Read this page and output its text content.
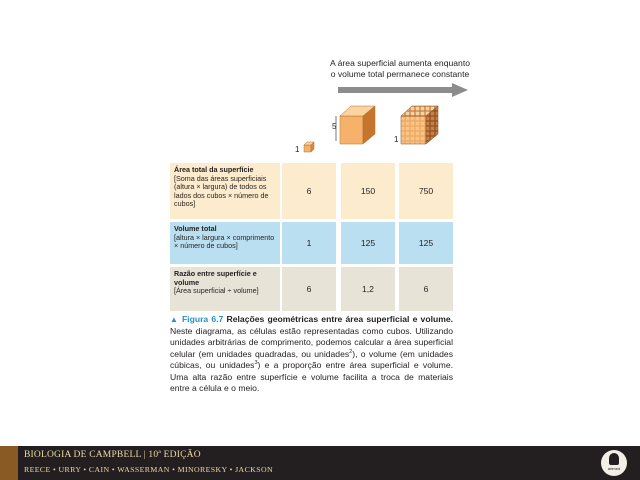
A área superficial aumenta enquanto
o volume total permanece constante
1
5
1
Área total da superfície
[Soma das áreas superficiais (altura × largura) de todos os lados dos cubos × número de cubos]
6	150	750
Volume total
[altura × largura × comprimento × número de cubos]	1	125	125
Razão entre superfície e volume
[Área superficial ÷ volume]	6	1,2	6
▲ Figura 6.7 Relações geométricas entre área superficial e volume. Neste diagrama, as células estão representadas como cubos. Utilizando unidades arbitrárias de comprimento, podemos calcular a área superficial celular (em unidades quadradas, ou unidades$^2$), o volume (em unidades cúbicas, ou unidades$^3$) e a proporção entre área superficial e volume. Uma alta razão entre superfície e volume facilita a troca de materiais entre a célula e o meio.
BIOLOGIA DE CAMPBELL | 10ª EDIÇÃO
REECE • URRY • CAIN • WASSERMAN • MINORESKY • JACKSON	artmed
